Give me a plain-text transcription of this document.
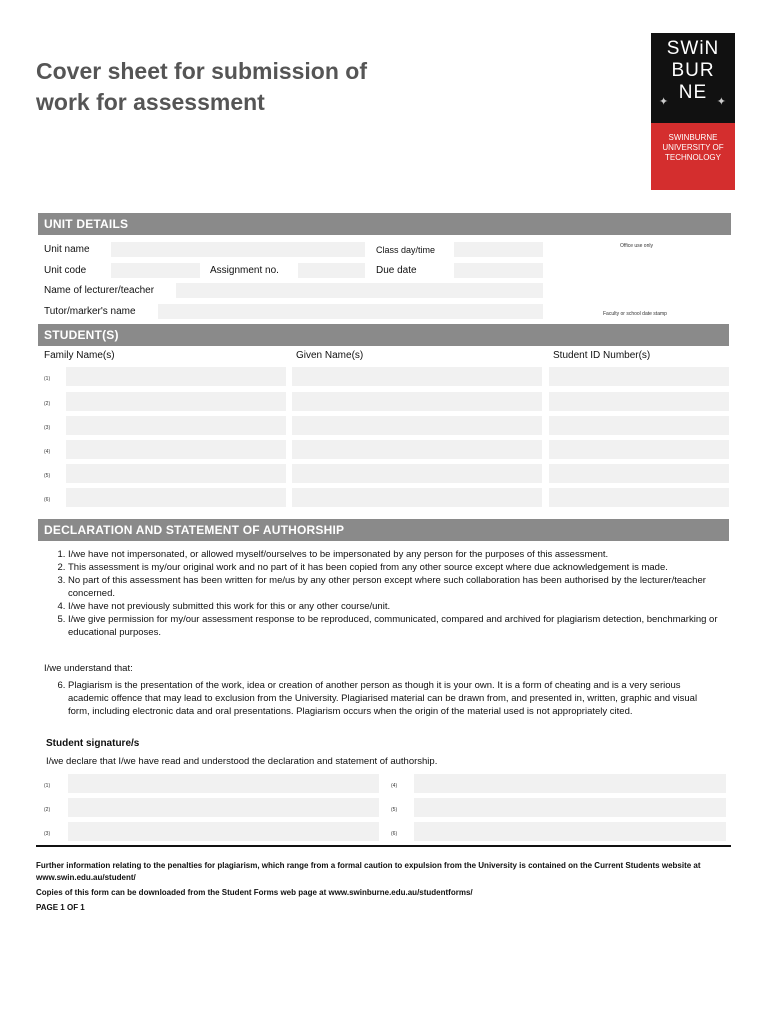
Cover sheet for submission of
work for assessment
SWiN
BUR
NE
✦	✦
SWINBURNE
UNIVERSITY OF
TECHNOLOGY
UNIT DETAILS
Unit name	Class day/time	Office use only
Unit code	Assignment no.	Due date
Name of lecturer/teacher
Tutor/marker's name	Faculty or school date stamp
STUDENT(S)
Family Name(s)	Given Name(s)	Student ID Number(s)
(1)
(2)
(3)
(4)
(5)
(6)
DECLARATION AND STATEMENT OF AUTHORSHIP
1. I/we have not impersonated, or allowed myself/ourselves to be impersonated by any person for the purposes of this assessment.
2. This assessment is my/our original work and no part of it has been copied from any other source except where due acknowledgement is made.
3. No part of this assessment has been written for me/us by any other person except where such collaboration has been authorised by the lecturer/teacher concerned.
4. I/we have not previously submitted this work for this or any other course/unit.
5. I/we give permission for my/our assessment response to be reproduced, communicated, compared and archived for plagiarism detection, benchmarking or educational purposes.
I/we understand that:
6. Plagiarism is the presentation of the work, idea or creation of another person as though it is your own. It is a form of cheating and is a very serious academic offence that may lead to exclusion from the University. Plagiarised material can be drawn from, and presented in, written, graphic and visual form, including electronic data and oral presentations. Plagiarism occurs when the origin of the material used is not appropriately cited.
Student signature/s
I/we declare that I/we have read and understood the declaration and statement of authorship.
(1)	(4)
(2)	(5)
(3)	(6)
Further information relating to the penalties for plagiarism, which range from a formal caution to expulsion from the University is contained on the Current Students website at www.swin.edu.au/student/
Copies of this form can be downloaded from the Student Forms web page at www.swinburne.edu.au/studentforms/
PAGE 1 OF 1
